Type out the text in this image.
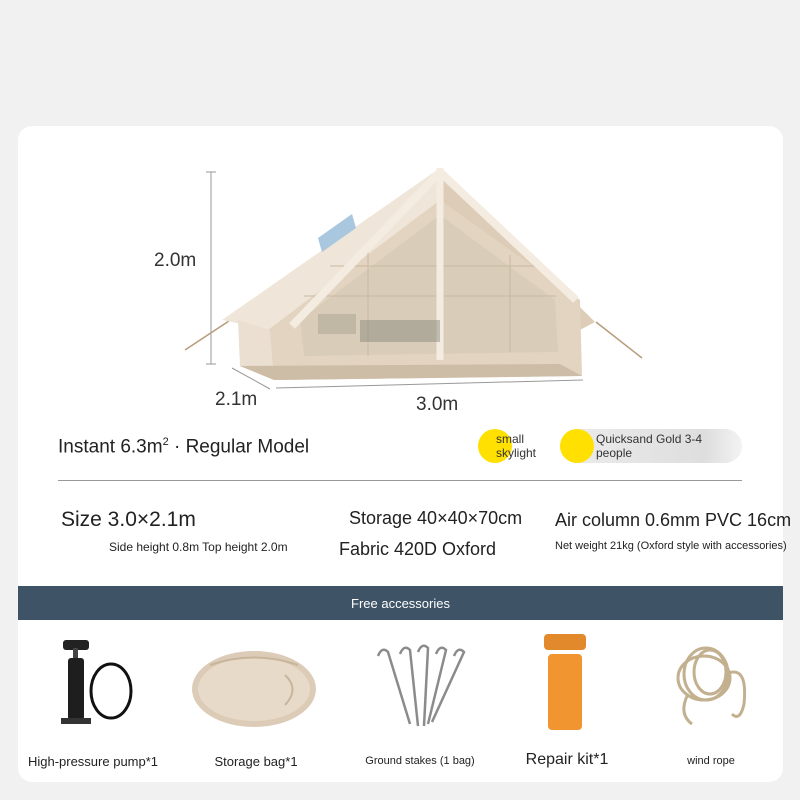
2.0m
2.1m	3.0m
Instant $6.3m^2$ · Regular Model	Quicksand Gold 3-4 people
small skylight
Size 3.0×2.1m
Side height 0.8m Top height 2.0m
Storage 40×40×70cm
Fabric 420D Oxford
Air column 0.6mm PVC 16cm
Net weight 21kg (Oxford style with accessories)
Free accessories
High-pressure pump*1	Storage bag*1	Ground stakes (1 bag)	Repair kit*1	wind rope
